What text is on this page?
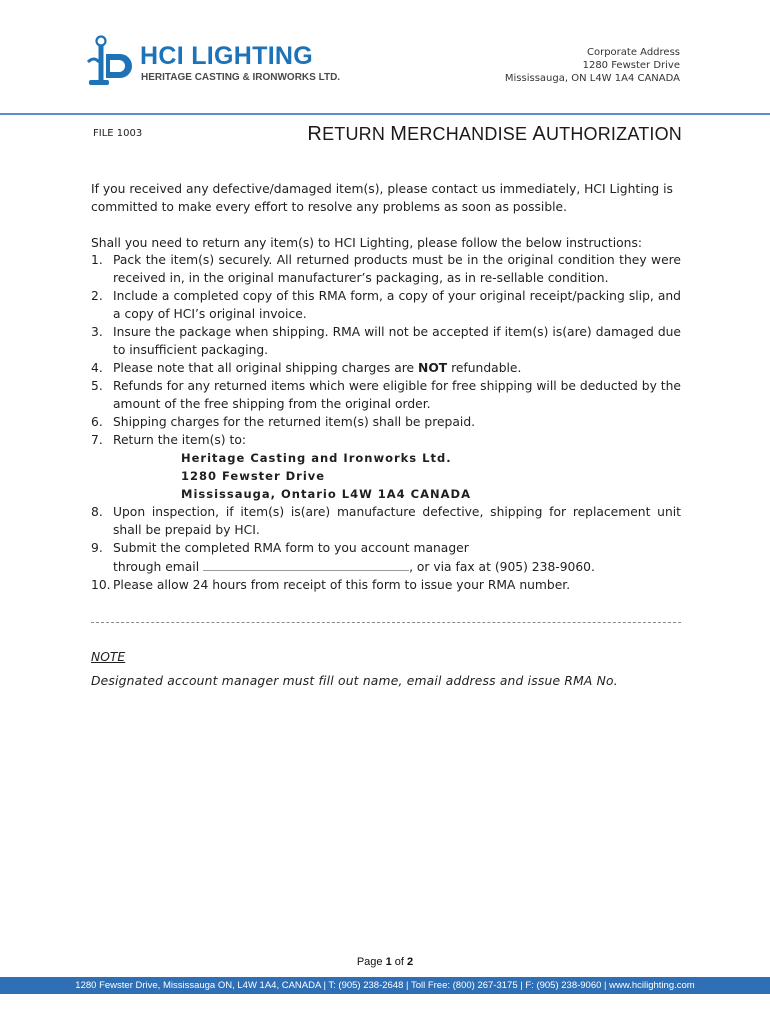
HCI LIGHTING
HERITAGE CASTING & IRONWORKS LTD.
Corporate Address
1280 Fewster Drive
Mississauga, ON L4W 1A4 CANADA
FILE 1003	RETURN MERCHANDISE AUTHORIZATION
If you received any defective/damaged item(s), please contact us immediately, HCI Lighting is committed to make every effort to resolve any problems as soon as possible.
Shall you need to return any item(s) to HCI Lighting, please follow the below instructions:
1. Pack the item(s) securely. All returned products must be in the original condition they were received in, in the original manufacturer’s packaging, as in re-sellable condition.
2. Include a completed copy of this RMA form, a copy of your original receipt/packing slip, and a copy of HCI’s original invoice.
3. Insure the package when shipping. RMA will not be accepted if item(s) is(are) damaged due to insufficient packaging.
4. Please note that all original shipping charges are NOT refundable.
5. Refunds for any returned items which were eligible for free shipping will be deducted by the amount of the free shipping from the original order.
6. Shipping charges for the returned item(s) shall be prepaid.
7. Return the item(s) to:
Heritage Casting and Ironworks Ltd.
1280 Fewster Drive
Mississauga, Ontario L4W 1A4 CANADA
8. Upon inspection, if item(s) is(are) manufacture defective, shipping for replacement unit shall be prepaid by HCI.
9. Submit the completed RMA form to you account manager
through email	, or via fax at (905) 238-9060.
10. Please allow 24 hours from receipt of this form to issue your RMA number.
NOTE
Designated account manager must fill out name, email address and issue RMA No.
Page 1 of 2
1280 Fewster Drive, Mississauga ON, L4W 1A4, CANADA | T: (905) 238-2648 | Toll Free: (800) 267-3175 | F: (905) 238-9060 | www.hcilighting.com
